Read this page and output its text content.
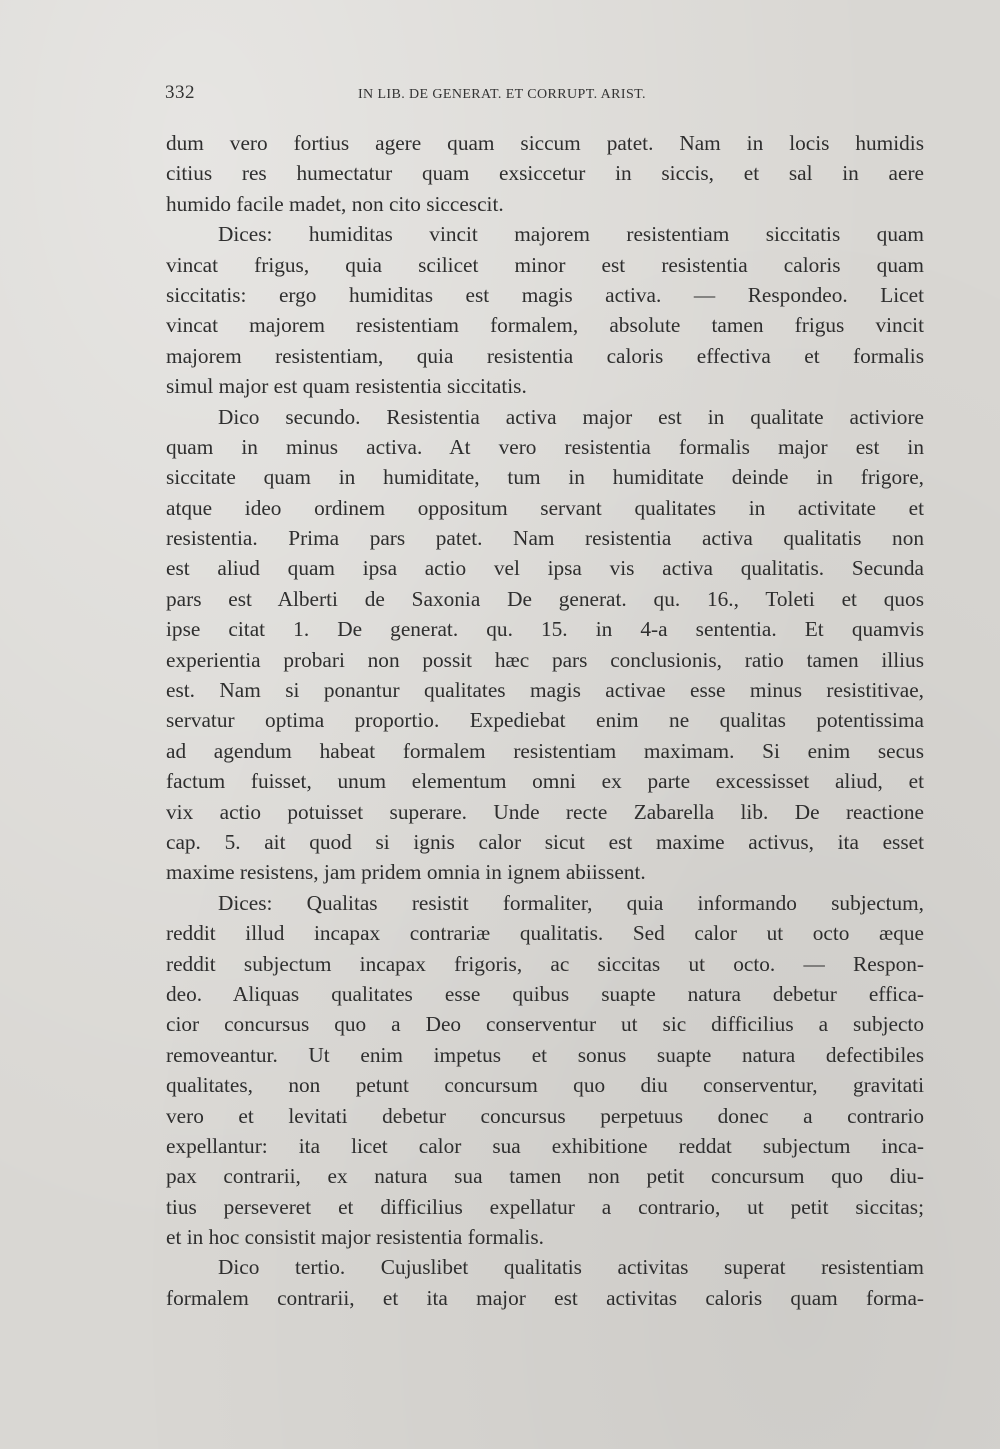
332	IN LIB. DE GENERAT. ET CORRUPT. ARIST.
dum vero fortius agere quam siccum patet. Nam in locis humidis
citius res humectatur quam exsiccetur in siccis, et sal in aere
humido facile madet, non cito siccescit.
Dices: humiditas vincit majorem resistentiam siccitatis quam
vincat frigus, quia scilicet minor est resistentia caloris quam
siccitatis: ergo humiditas est magis activa. — Respondeo. Licet
vincat majorem resistentiam formalem, absolute tamen frigus vincit
majorem resistentiam, quia resistentia caloris effectiva et formalis
simul major est quam resistentia siccitatis.
Dico secundo. Resistentia activa major est in qualitate activiore
quam in minus activa. At vero resistentia formalis major est in
siccitate quam in humiditate, tum in humiditate deinde in frigore,
atque ideo ordinem oppositum servant qualitates in activitate et
resistentia. Prima pars patet. Nam resistentia activa qualitatis non
est aliud quam ipsa actio vel ipsa vis activa qualitatis. Secunda
pars est Alberti de Saxonia De generat. qu. 16., Toleti et quos
ipse citat 1. De generat. qu. 15. in 4-a sententia. Et quamvis
experientia probari non possit hæc pars conclusionis, ratio tamen illius
est. Nam si ponantur qualitates magis activae esse minus resistitivae,
servatur optima proportio. Expediebat enim ne qualitas potentissima
ad agendum habeat formalem resistentiam maximam. Si enim secus
factum fuisset, unum elementum omni ex parte excessisset aliud, et
vix actio potuisset superare. Unde recte Zabarella lib. De reactione
cap. 5. ait quod si ignis calor sicut est maxime activus, ita esset
maxime resistens, jam pridem omnia in ignem abiissent.
Dices: Qualitas resistit formaliter, quia informando subjectum,
reddit illud incapax contrariæ qualitatis. Sed calor ut octo æque
reddit subjectum incapax frigoris, ac siccitas ut octo. — Respon-
deo. Aliquas qualitates esse quibus suapte natura debetur effica-
cior concursus quo a Deo conserventur ut sic difficilius a subjecto
removeantur. Ut enim impetus et sonus suapte natura defectibiles
qualitates, non petunt concursum quo diu conserventur, gravitati
vero et levitati debetur concursus perpetuus donec a contrario
expellantur: ita licet calor sua exhibitione reddat subjectum inca-
pax contrarii, ex natura sua tamen non petit concursum quo diu-
tius perseveret et difficilius expellatur a contrario, ut petit siccitas;
et in hoc consistit major resistentia formalis.
Dico tertio. Cujuslibet qualitatis activitas superat resistentiam
formalem contrarii, et ita major est activitas caloris quam forma-
